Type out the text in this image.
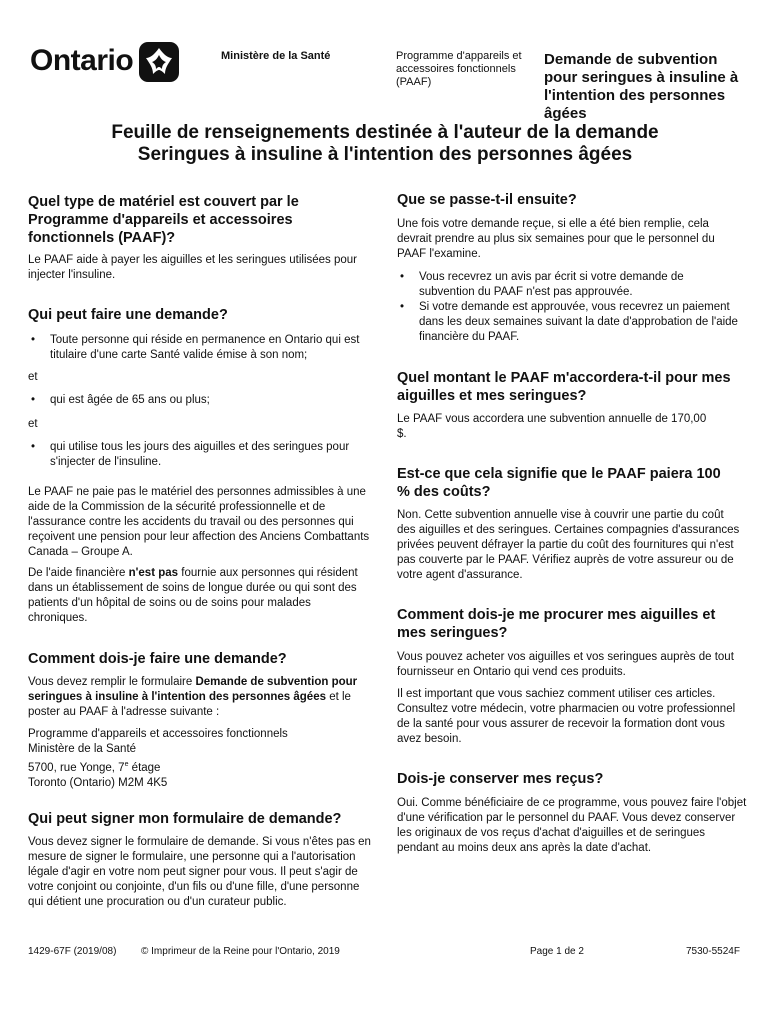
Ontario	Ministère de la Santé	Programme d'appareils et accessoires fonctionnels (PAAF)
Demande de subvention pour seringues à insuline à l'intention des personnes âgées
Feuille de renseignements destinée à l'auteur de la demande
Seringues à insuline à l'intention des personnes âgées
Quel type de matériel est couvert par le Programme d'appareils et accessoires fonctionnels (PAAF)?

Le PAAF aide à payer les aiguilles et les seringues utilisées pour injecter l'insuline.

Qui peut faire une demande?
• Toute personne qui réside en permanence en Ontario qui est titulaire d'une carte Santé valide émise à son nom;

et

• qui est âgée de 65 ans ou plus;

et

• qui utilise tous les jours des aiguilles et des seringues pour s'injecter de l'insuline.

Le PAAF ne paie pas le matériel des personnes admissibles à une aide de la Commission de la sécurité professionnelle et de l'assurance contre les accidents du travail ou des personnes qui reçoivent une pension pour leur affection des Anciens Combattants Canada – Groupe A.

De l'aide financière n'est pas fournie aux personnes qui résident dans un établissement de soins de longue durée ou qui sont des patients d'un hôpital de soins ou de soins pour malades chroniques.

Comment dois-je faire une demande?

Vous devez remplir le formulaire Demande de subvention pour seringues à insuline à l'intention des personnes âgées et le poster au PAAF à l'adresse suivante :

Programme d'appareils et accessoires fonctionnels

Ministère de la Santé

5700, rue Yonge, 7e étage

Toronto (Ontario) M2M 4K5

Qui peut signer mon formulaire de demande?

Vous devez signer le formulaire de demande. Si vous n'êtes pas en mesure de signer le formulaire, une personne qui a l'autorisation légale d'agir en votre nom peut signer pour vous. Il peut s'agir de votre conjoint ou conjointe, d'un fils ou d'une fille, d'une personne qui détient une procuration ou d'un curateur public.

Que se passe-t-il ensuite?

Une fois votre demande reçue, si elle a été bien remplie, cela devrait prendre au plus six semaines pour que le personnel du PAAF l'examine.

• Vous recevrez un avis par écrit si votre demande de subvention du PAAF n'est pas approuvée.
• Si votre demande est approuvée, vous recevrez un paiement dans les deux semaines suivant la date d'approbation de l'aide financière du PAAF.
Quel montant le PAAF m'accordera-t-il pour mes aiguilles et mes seringues?

Le PAAF vous accordera une subvention annuelle de 170,00 $.

Est-ce que cela signifie que le PAAF paiera 100 % des coûts?

Non. Cette subvention annuelle vise à couvrir une partie du coût des aiguilles et des seringues. Certaines compagnies d'assurances privées peuvent défrayer la partie du coût des fournitures qui n'est pas couverte par le PAAF. Vérifiez auprès de votre assureur ou de votre agent d'assurance.

Comment dois-je me procurer mes aiguilles et mes seringues?

Vous pouvez acheter vos aiguilles et vos seringues auprès de tout fournisseur en Ontario qui vend ces produits.

Il est important que vous sachiez comment utiliser ces articles. Consultez votre médecin, votre pharmacien ou votre professionnel de la santé pour vous assurer de recevoir la formation dont vous avez besoin.

Dois-je conserver mes reçus?

Oui. Comme bénéficiaire de ce programme, vous pouvez faire l'objet d'une vérification par le personnel du PAAF. Vous devez conserver les originaux de vos reçus d'achat d'aiguilles et de seringues pendant au moins deux ans après la date d'achat.

1429-67F (2019/08) © Imprimeur de la Reine pour l'Ontario, 2019	Page 1 de 2	7530-5524F
